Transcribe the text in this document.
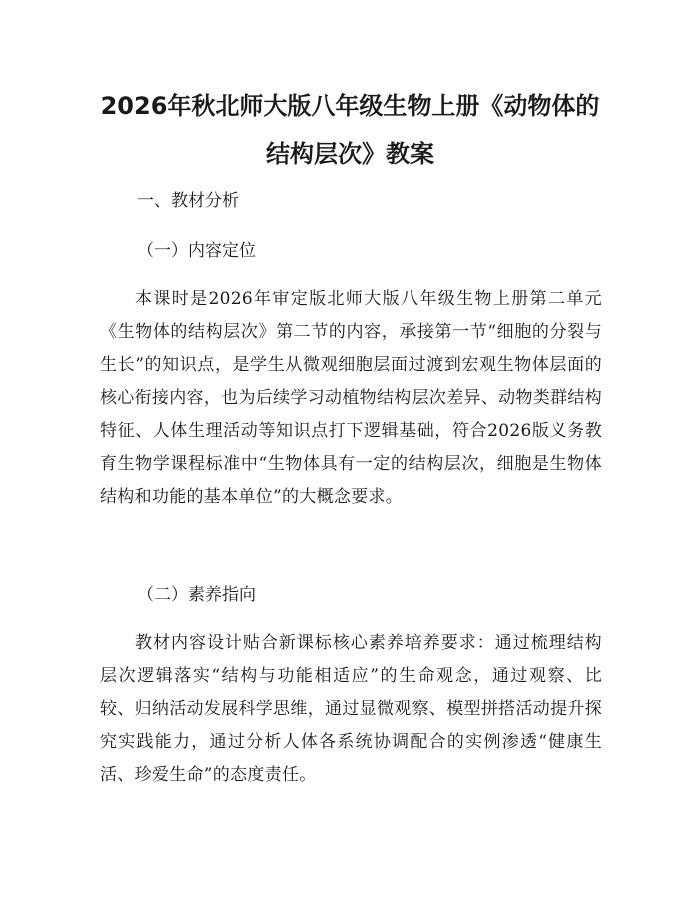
2026年秋北师大版八年级生物上册《动物体的结构层次》教案

一、教材分析

（一）内容定位

本课时是2026年审定版北师大版八年级生物上册第二单元《生物体的结构层次》第二节的内容，承接第一节“细胞的分裂与生长”的知识点，是学生从微观细胞层面过渡到宏观生物体层面的核心衔接内容，也为后续学习动植物结构层次差异、动物类群结构特征、人体生理活动等知识点打下逻辑基础，符合2026版义务教育生物学课程标准中“生物体具有一定的结构层次，细胞是生物体结构和功能的基本单位”的大概念要求。

（二）素养指向

教材内容设计贴合新课标核心素养培养要求：通过梳理结构层次逻辑落实“结构与功能相适应”的生命观念，通过观察、比较、归纳活动发展科学思维，通过显微观察、模型拼搭活动提升探究实践能力，通过分析人体各系统协调配合的实例渗透“健康生活、珍爱生命”的态度责任。
